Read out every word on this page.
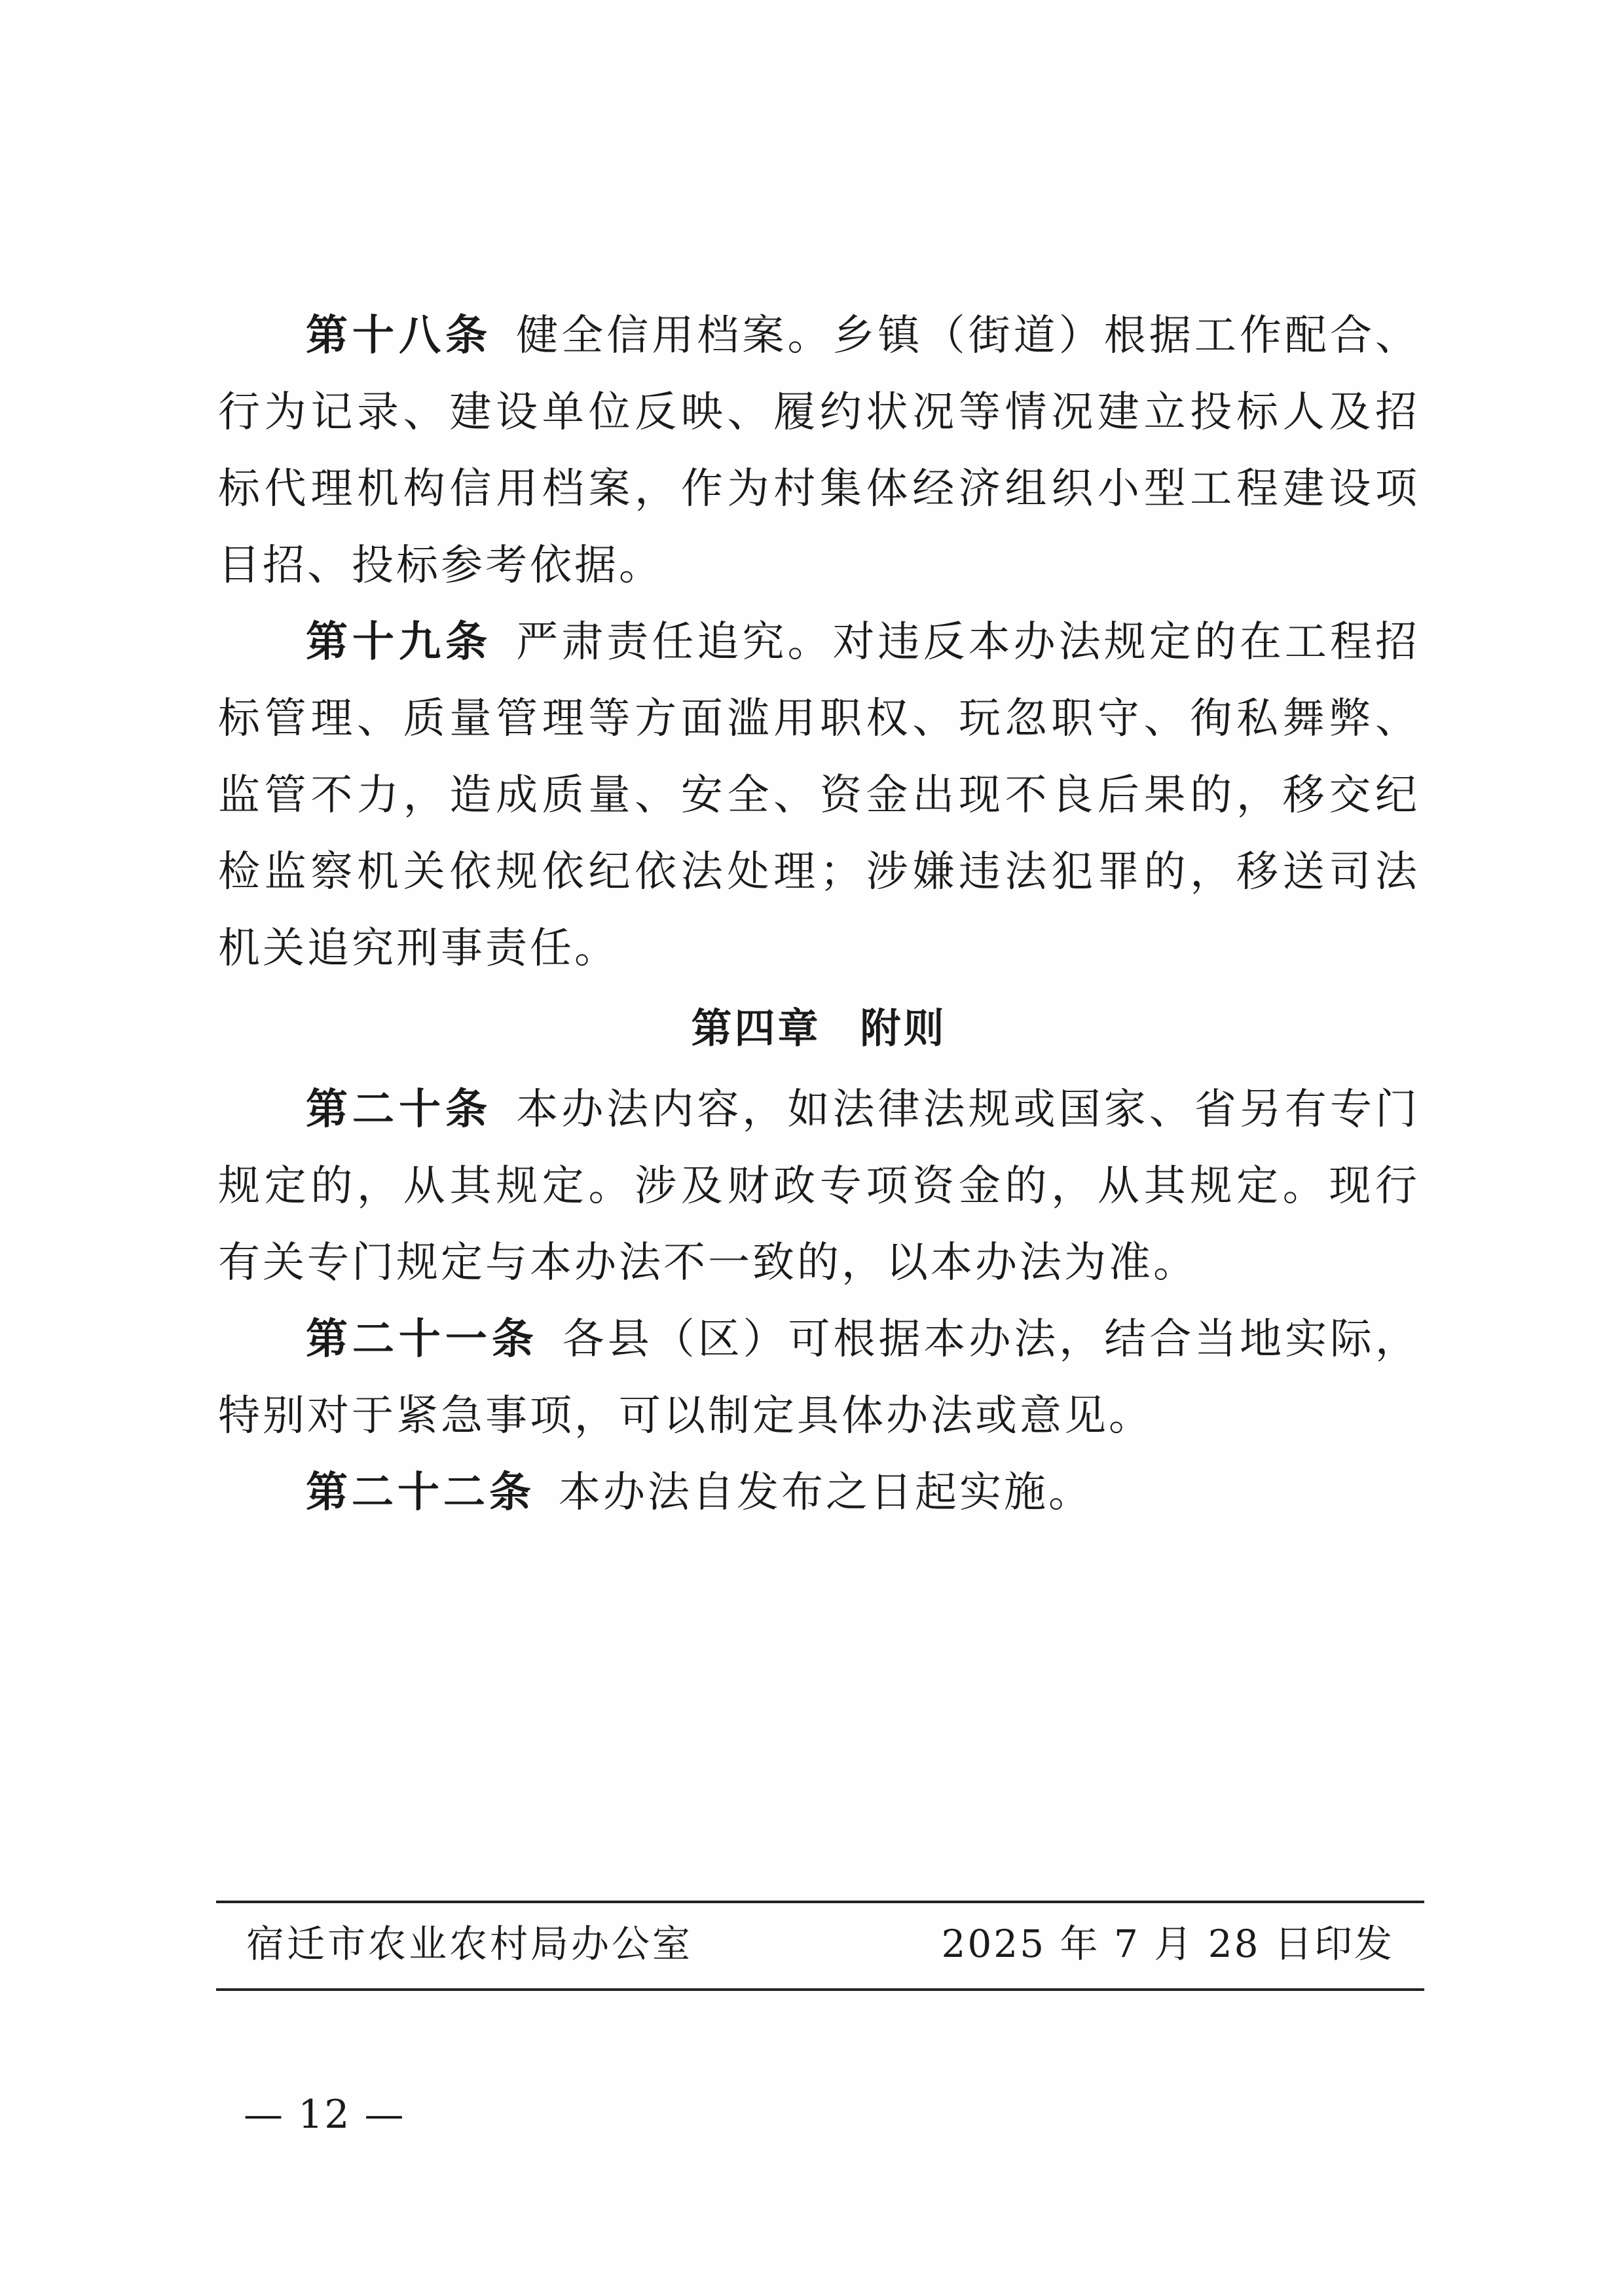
第十八条 健全信用档案。乡镇（街道）根据工作配合、行为记录、建设单位反映、履约状况等情况建立投标人及招标代理机构信用档案，作为村集体经济组织小型工程建设项目招、投标参考依据。

第十九条 严肃责任追究。对违反本办法规定的在工程招标管理、质量管理等方面滥用职权、玩忽职守、徇私舞弊、监管不力，造成质量、安全、资金出现不良后果的，移交纪检监察机关依规依纪依法处理；涉嫌违法犯罪的，移送司法机关追究刑事责任。

第四章 附则

第二十条 本办法内容，如法律法规或国家、省另有专门规定的，从其规定。涉及财政专项资金的，从其规定。现行有关专门规定与本办法不一致的，以本办法为准。

第二十一条 各县（区）可根据本办法，结合当地实际，特别对于紧急事项，可以制定具体办法或意见。

第二十二条 本办法自发布之日起实施。

宿迁市农业农村局办公室	2025 年 7 月 28 日印发
— 12 —
